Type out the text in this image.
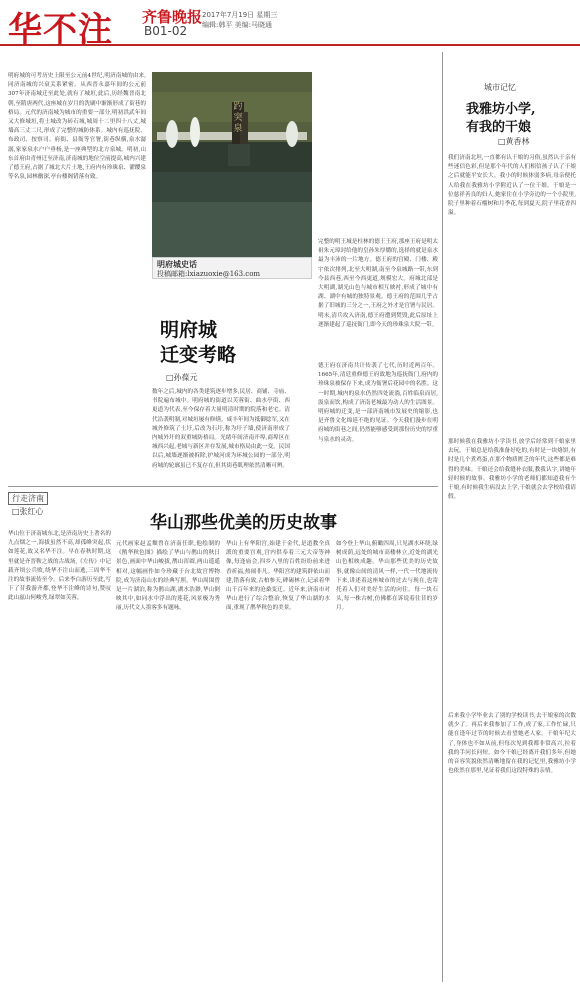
华不注 齐鲁晚报
B01-02
2017年7月19日 星期三
编辑:韩平 美编:马晓通
明府城的可考历史上限至公元前4世纪,明济南城的由来,同济南城的兴衰关系紧密。从西晋永嘉年间的公元前307年济南城迁至此处,就有了城垣,此后,历经魏晋南北朝,至隋唐两代,这座城在岁月的洗刷中渐渐形成了街巷的格局。元代的济南城为城市的重要一部分,明初洪武年间又大修城垣,将土城改为砖石城,城周十二里四十八丈,城墙高三丈二尺,形成了完整的城防体系。城内有巡抚院、布政司、按察司、府衙、县衙等官署,街巷纵横,泉水潺潺,家家泉水户户垂杨,是一座典型的北方泉城。明初,山东首府由青州迁至济南,济南城的地位空前提高,城内兴建了德王府,占据了城北大片土地,王府内有珍珠泉、濯缨泉等名泉,园林幽深,亭台楼阁错落有致。
趵突泉
明府城史话
投稿邮箱:lxiazuoxie@163.com
明府城
迁变考略
□孙葆元
数年之后,城内的各类建筑逐步增多,民居、商铺、寺庙、书院遍布城中。明府城的街道以芙蓉街、曲水亭街、西更道为代表,至今保存着大量明清时期的院落和老宅。清代沿袭明制,对城垣屡有修缮。咸丰年间为抵御捻军,又在城外修筑了土圩,后改为石圩,称为圩子墙,使济南形成了内城外圩的双重城防格局。光绪年间济南开埠,商埠区在城西兴起,老城与新区并存发展,城市格局由此一变。民国以后,城墙逐渐被拆除,护城河成为环城公园的一部分,明府城的轮廓虽已不复存在,但其街巷肌理依然清晰可辨。
完整的明王城是柱林的德王王府,那座王府是明太祖朱元璋封给他的皇孙朱厚爝的,选择的就是泉水最为丰沛的一片地方。德王府的宫殿、门楼、殿宇依次排列,北至大明湖,南至今泉城路一带,东到今县西巷,西至今西更道,规模宏大。府城北部是大明湖,湖光山色与城市相互映衬,形成了城中有湖、湖中有城的独特景观。德王府的范围几乎占据了旧城的三分之一,王府之外才是官署与民居。明末,清兵攻入济南,德王府遭到焚毁,此后原址上逐渐建起了巡抚衙门,即今天的珍珠泉大院一带。
德王府在济南共计传袭了七代,历时近两百年。1665年,清廷重修德王府故地为巡抚衙门,府内的珍珠泉被保存下来,成为衙署后花园中的名胜。这一时期,城内的泉水仍然四处流淌,百姓临泉而居,汲泉而饮,构成了济南老城最为动人的生活图景。明府城的迁变,是一部济南城市发展史的缩影,也是齐鲁文化绵延不绝的见证。今天我们漫步在明府城的街巷之间,仍然能够感受到那份历史的厚重与泉水的灵动。
行走济南
□张红心
华山那些优美的历史故事
华山位于济南城东北,是济南历史上著名的九点烟之一,海拔虽然不高,却孤峰突起,状如莲花,故又名华不注。早在春秋时期,这里就是齐晋鞍之战的古战场,《左传》中记载齐顷公兵败,绕华不注山而逃,三周华不注的故事流传至今。后来李白游历至此,写下了昔我游齐都,登华不注峰的诗句,赞叹此山兹山何峻秀,绿翠如芙蓉。
元代画家赵孟頫曾在济南任职,他绘制的《鹊华秋色图》描绘了华山与鹊山的秋日景色,画面中华山峻拔,鹊山浑圆,两山遥遥相对,这幅画作如今珍藏于台北故宫博物院,成为济南山水的经典写照。华山周围曾是一片湖泊,称为鹊山湖,湖水浩渺,华山倒映其中,如同水中浮出的莲花,风景极为秀丽,历代文人墨客多有题咏。
华山上有华阳宫,始建于金代,是道教全真派的重要宫观,宫内供奉着三元大帝等神像,每逢庙会,四乡八里的百姓纷纷前来进香祈福,热闹非凡。华阳宫的建筑群依山而建,错落有致,古柏参天,碑碣林立,记录着华山千百年来的沧桑变迁。近年来,济南市对华山进行了综合整治,恢复了华山湖的水面,重现了鹊华秋色的美景。
如今登上华山,俯瞰四周,只见湖水环绕,绿树成荫,远处的城市高楼林立,近处的湖光山色相映成趣。华山那些优美的历史故事,就像山间的清风一样,一代一代地流传下来,讲述着这座城市的过去与现在,也寄托着人们对美好生活的向往。每一块石头,每一株古树,仿佛都在诉说着往昔的岁月。
城市记忆
我雅坊小学,
有我的干娘
□黄香林
我们济南北坦,一直都有认干娘的习俗,虽然认干亲有些迷信色彩,但是那个年代的人们相信孩子认了干娘之后就能平安长大。我小的时候体弱多病,母亲便托人给我在我雅坊小学附近认了一位干娘。干娘是一位慈祥善良的妇人,她家住在小学旁边的一个小院里,院子里种着石榴树和月季花,每到夏天,院子里花香四溢。
那时候我在我雅坊小学读书,放学后经常到干娘家里去玩。干娘总是给我准备好吃的,有时是一块烙饼,有时是几个煮鸡蛋,在那个物质匮乏的年代,这些都是难得的美味。干娘还会给我缝补衣服,教我认字,讲她年轻时候的故事。我雅坊小学的老师们都知道我有个干娘,有时候我生病没去上学,干娘就会去学校给我请假。
后来我小学毕业去了别的学校读书,去干娘家的次数就少了。再后来我参加了工作,成了家,工作忙碌,只能在逢年过节的时候去看望她老人家。干娘年纪大了,身体也不如从前,但每次见到我都非常高兴,拉着我的手问长问短。如今干娘已经离开我们多年,但她的音容笑貌依然清晰地留在我的记忆里,我雅坊小学也依然在那里,见证着我们这段特殊的亲情。
